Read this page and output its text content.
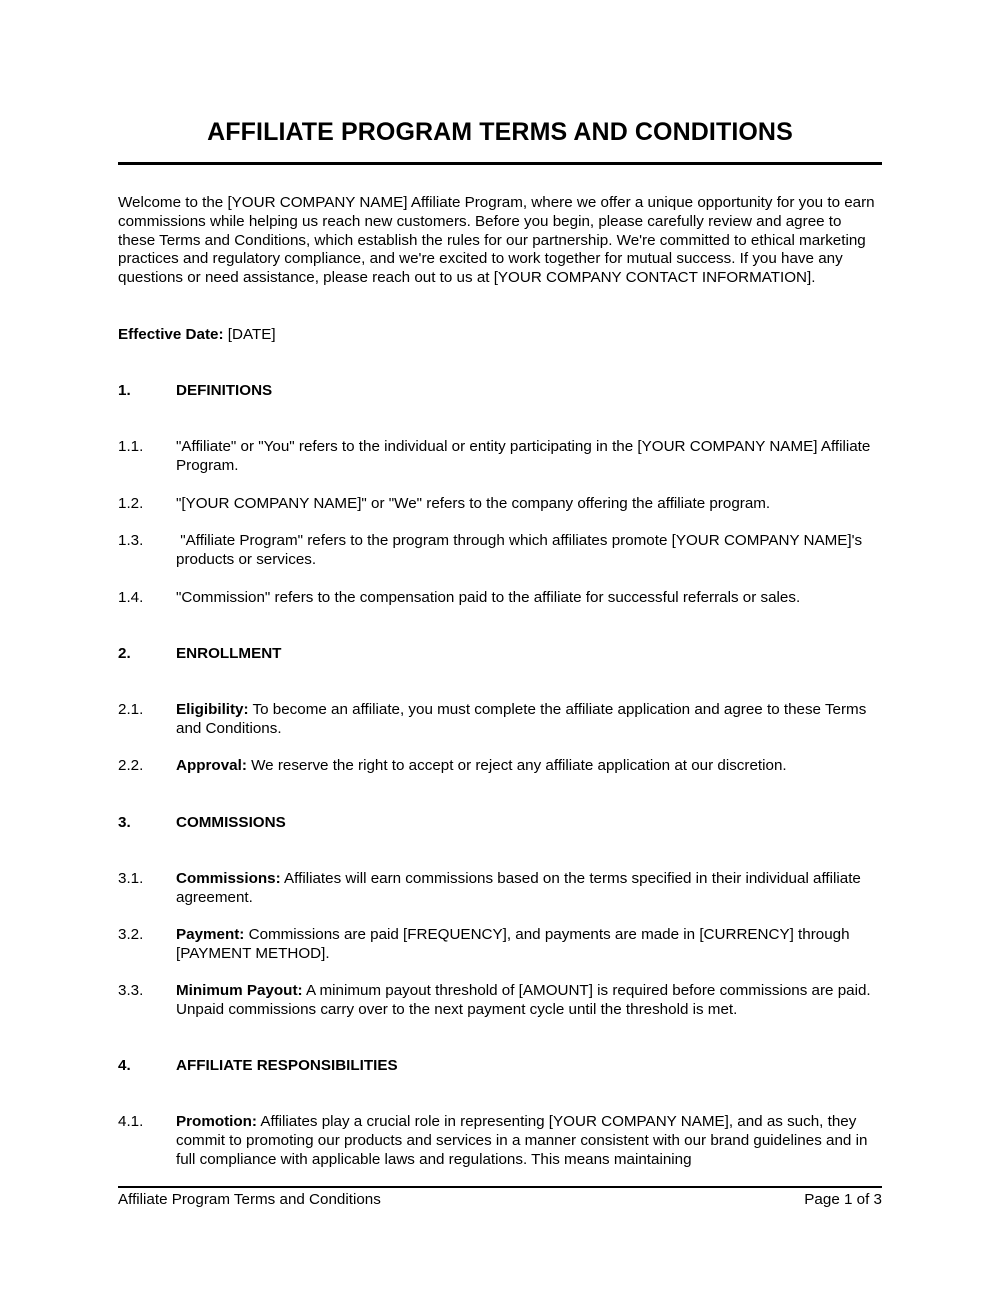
AFFILIATE PROGRAM TERMS AND CONDITIONS

Welcome to the [YOUR COMPANY NAME] Affiliate Program, where we offer a unique opportunity for you to earn commissions while helping us reach new customers. Before you begin, please carefully review and agree to these Terms and Conditions, which establish the rules for our partnership. We're committed to ethical marketing practices and regulatory compliance, and we're excited to work together for mutual success. If you have any questions or need assistance, please reach out to us at [YOUR COMPANY CONTACT INFORMATION].

Effective Date: [DATE]
1.	DEFINITIONS
1.1. "Affiliate" or "You" refers to the individual or entity participating in the [YOUR COMPANY NAME] Affiliate Program.
1.2. "[YOUR COMPANY NAME]" or "We" refers to the company offering the affiliate program.
1.3. "Affiliate Program" refers to the program through which affiliates promote [YOUR COMPANY NAME]'s products or services.
1.4. "Commission" refers to the compensation paid to the affiliate for successful referrals or sales.
2.	ENROLLMENT
2.1. Eligibility: To become an affiliate, you must complete the affiliate application and agree to these Terms and Conditions.
2.2. Approval: We reserve the right to accept or reject any affiliate application at our discretion.
3.	COMMISSIONS
3.1. Commissions: Affiliates will earn commissions based on the terms specified in their individual affiliate agreement.
3.2. Payment: Commissions are paid [FREQUENCY], and payments are made in [CURRENCY] through [PAYMENT METHOD].
3.3. Minimum Payout: A minimum payout threshold of [AMOUNT] is required before commissions are paid. Unpaid commissions carry over to the next payment cycle until the threshold is met.
4.	AFFILIATE RESPONSIBILITIES
4.1. Promotion: Affiliates play a crucial role in representing [YOUR COMPANY NAME], and as such, they commit to promoting our products and services in a manner consistent with our brand guidelines and in full compliance with applicable laws and regulations. This means maintaining
Affiliate Program Terms and Conditions	Page 1 of 3
